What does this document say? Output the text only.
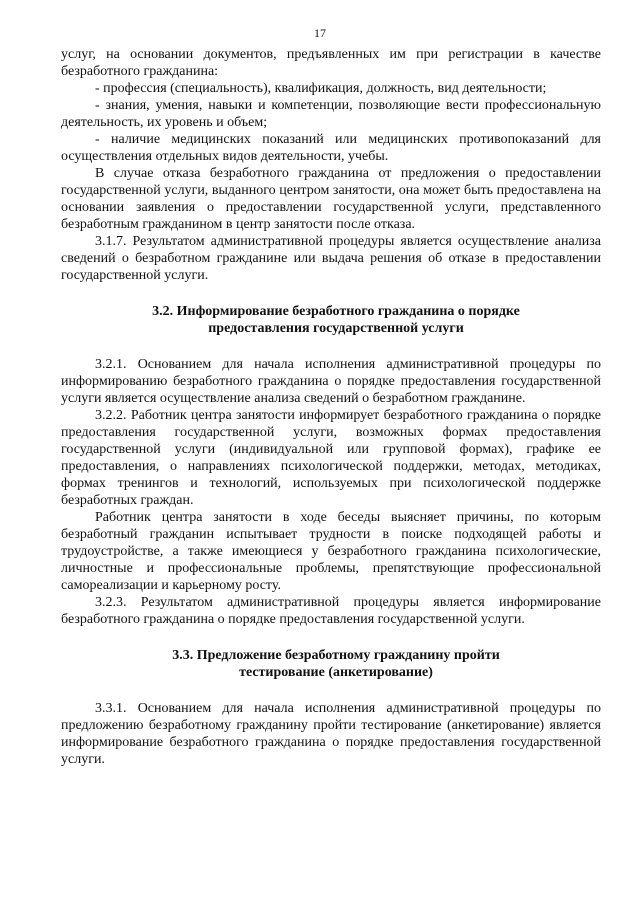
17

услуг, на основании документов, предъявленных им при регистрации в качестве безработного гражданина:

- профессия (специальность), квалификация, должность, вид деятельности;

- знания, умения, навыки и компетенции, позволяющие вести профессиональную деятельность, их уровень и объем;

- наличие медицинских показаний или медицинских противопоказаний для осуществления отдельных видов деятельности, учебы.

В случае отказа безработного гражданина от предложения о предоставлении государственной услуги, выданного центром занятости, она может быть предоставлена на основании заявления о предоставлении государственной услуги, представленного безработным гражданином в центр занятости после отказа.

3.1.7. Результатом административной процедуры является осуществление анализа сведений о безработном гражданине или выдача решения об отказе в предоставлении государственной услуги.

3.2. Информирование безработного гражданина о порядке
предоставления государственной услуги

3.2.1. Основанием для начала исполнения административной процедуры по информированию безработного гражданина о порядке предоставления государственной услуги является осуществление анализа сведений о безработном гражданине.

3.2.2. Работник центра занятости информирует безработного гражданина о порядке предоставления государственной услуги, возможных формах предоставления государственной услуги (индивидуальной или групповой формах), графике ее предоставления, о направлениях психологической поддержки, методах, методиках, формах тренингов и технологий, используемых при психологической поддержке безработных граждан.

Работник центра занятости в ходе беседы выясняет причины, по которым безработный гражданин испытывает трудности в поиске подходящей работы и трудоустройстве, а также имеющиеся у безработного гражданина психологические, личностные и профессиональные проблемы, препятствующие профессиональной самореализации и карьерному росту.

3.2.3. Результатом административной процедуры является информирование безработного гражданина о порядке предоставления государственной услуги.

3.3. Предложение безработному гражданину пройти
тестирование (анкетирование)

3.3.1. Основанием для начала исполнения административной процедуры по предложению безработному гражданину пройти тестирование (анкетирование) является информирование безработного гражданина о порядке предоставления государственной услуги.
